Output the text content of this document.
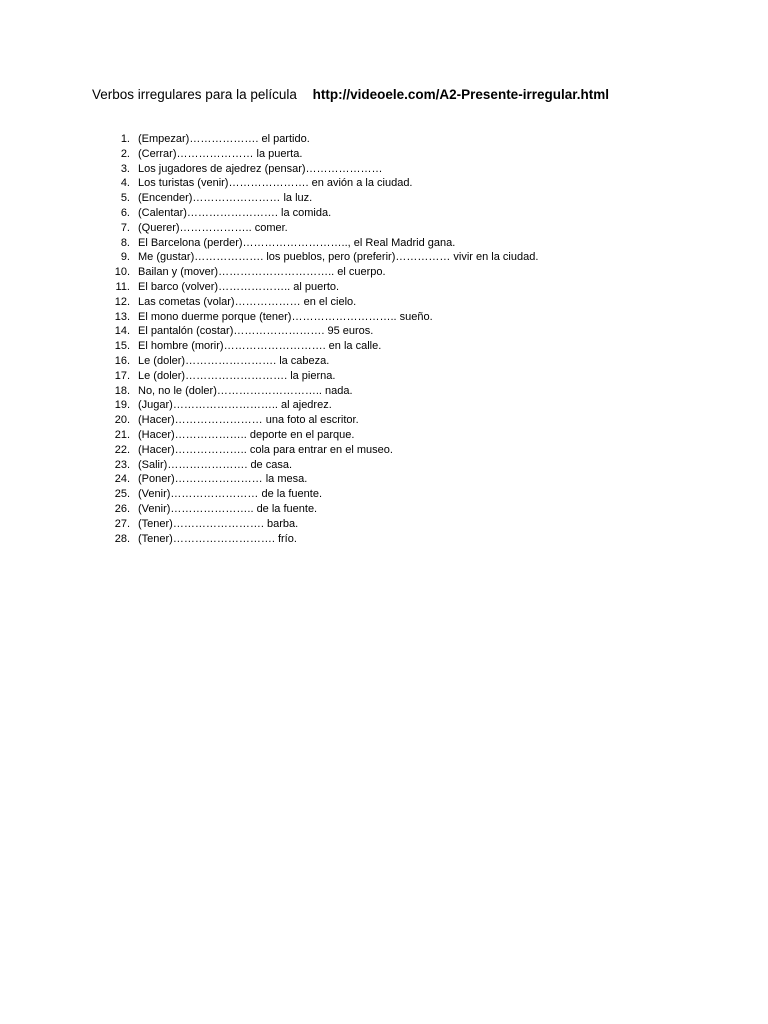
Verbos irregulares para la película http://videoele.com/A2-Presente-irregular.html
1. (Empezar)………………. el partido.
2. (Cerrar)………………… la puerta.
3. Los jugadores de ajedrez (pensar)…………………
4. Los turistas (venir)…………………. en avión a la ciudad.
5. (Encender)…………………… la luz.
6. (Calentar)……………………. la comida.
7. (Querer)……………….. comer.
8. El Barcelona (perder)……………………….., el Real Madrid gana.
9. Me (gustar)………………. los pueblos, pero (preferir)…………… vivir en la ciudad.
10. Bailan y (mover)………………………….. el cuerpo.
11. El barco (volver)……………….. al puerto.
12. Las cometas (volar)……………… en el cielo.
13. El mono duerme porque (tener)……………………….. sueño.
14. El pantalón (costar)……………………. 95 euros.
15. El hombre (morir)………………………. en la calle.
16. Le (doler)……………………. la cabeza.
17. Le (doler)………………………. la pierna.
18. No, no le (doler)……………………….. nada.
19. (Jugar)……………………….. al ajedrez.
20. (Hacer)…………………… una foto al escritor.
21. (Hacer)……………….. deporte en el parque.
22. (Hacer)……………….. cola para entrar en el museo.
23. (Salir)…………………. de casa.
24. (Poner)…………………… la mesa.
25. (Venir)…………………… de la fuente.
26. (Venir)………………….. de la fuente.
27. (Tener)……………………. barba.
28. (Tener)………………………. frío.
